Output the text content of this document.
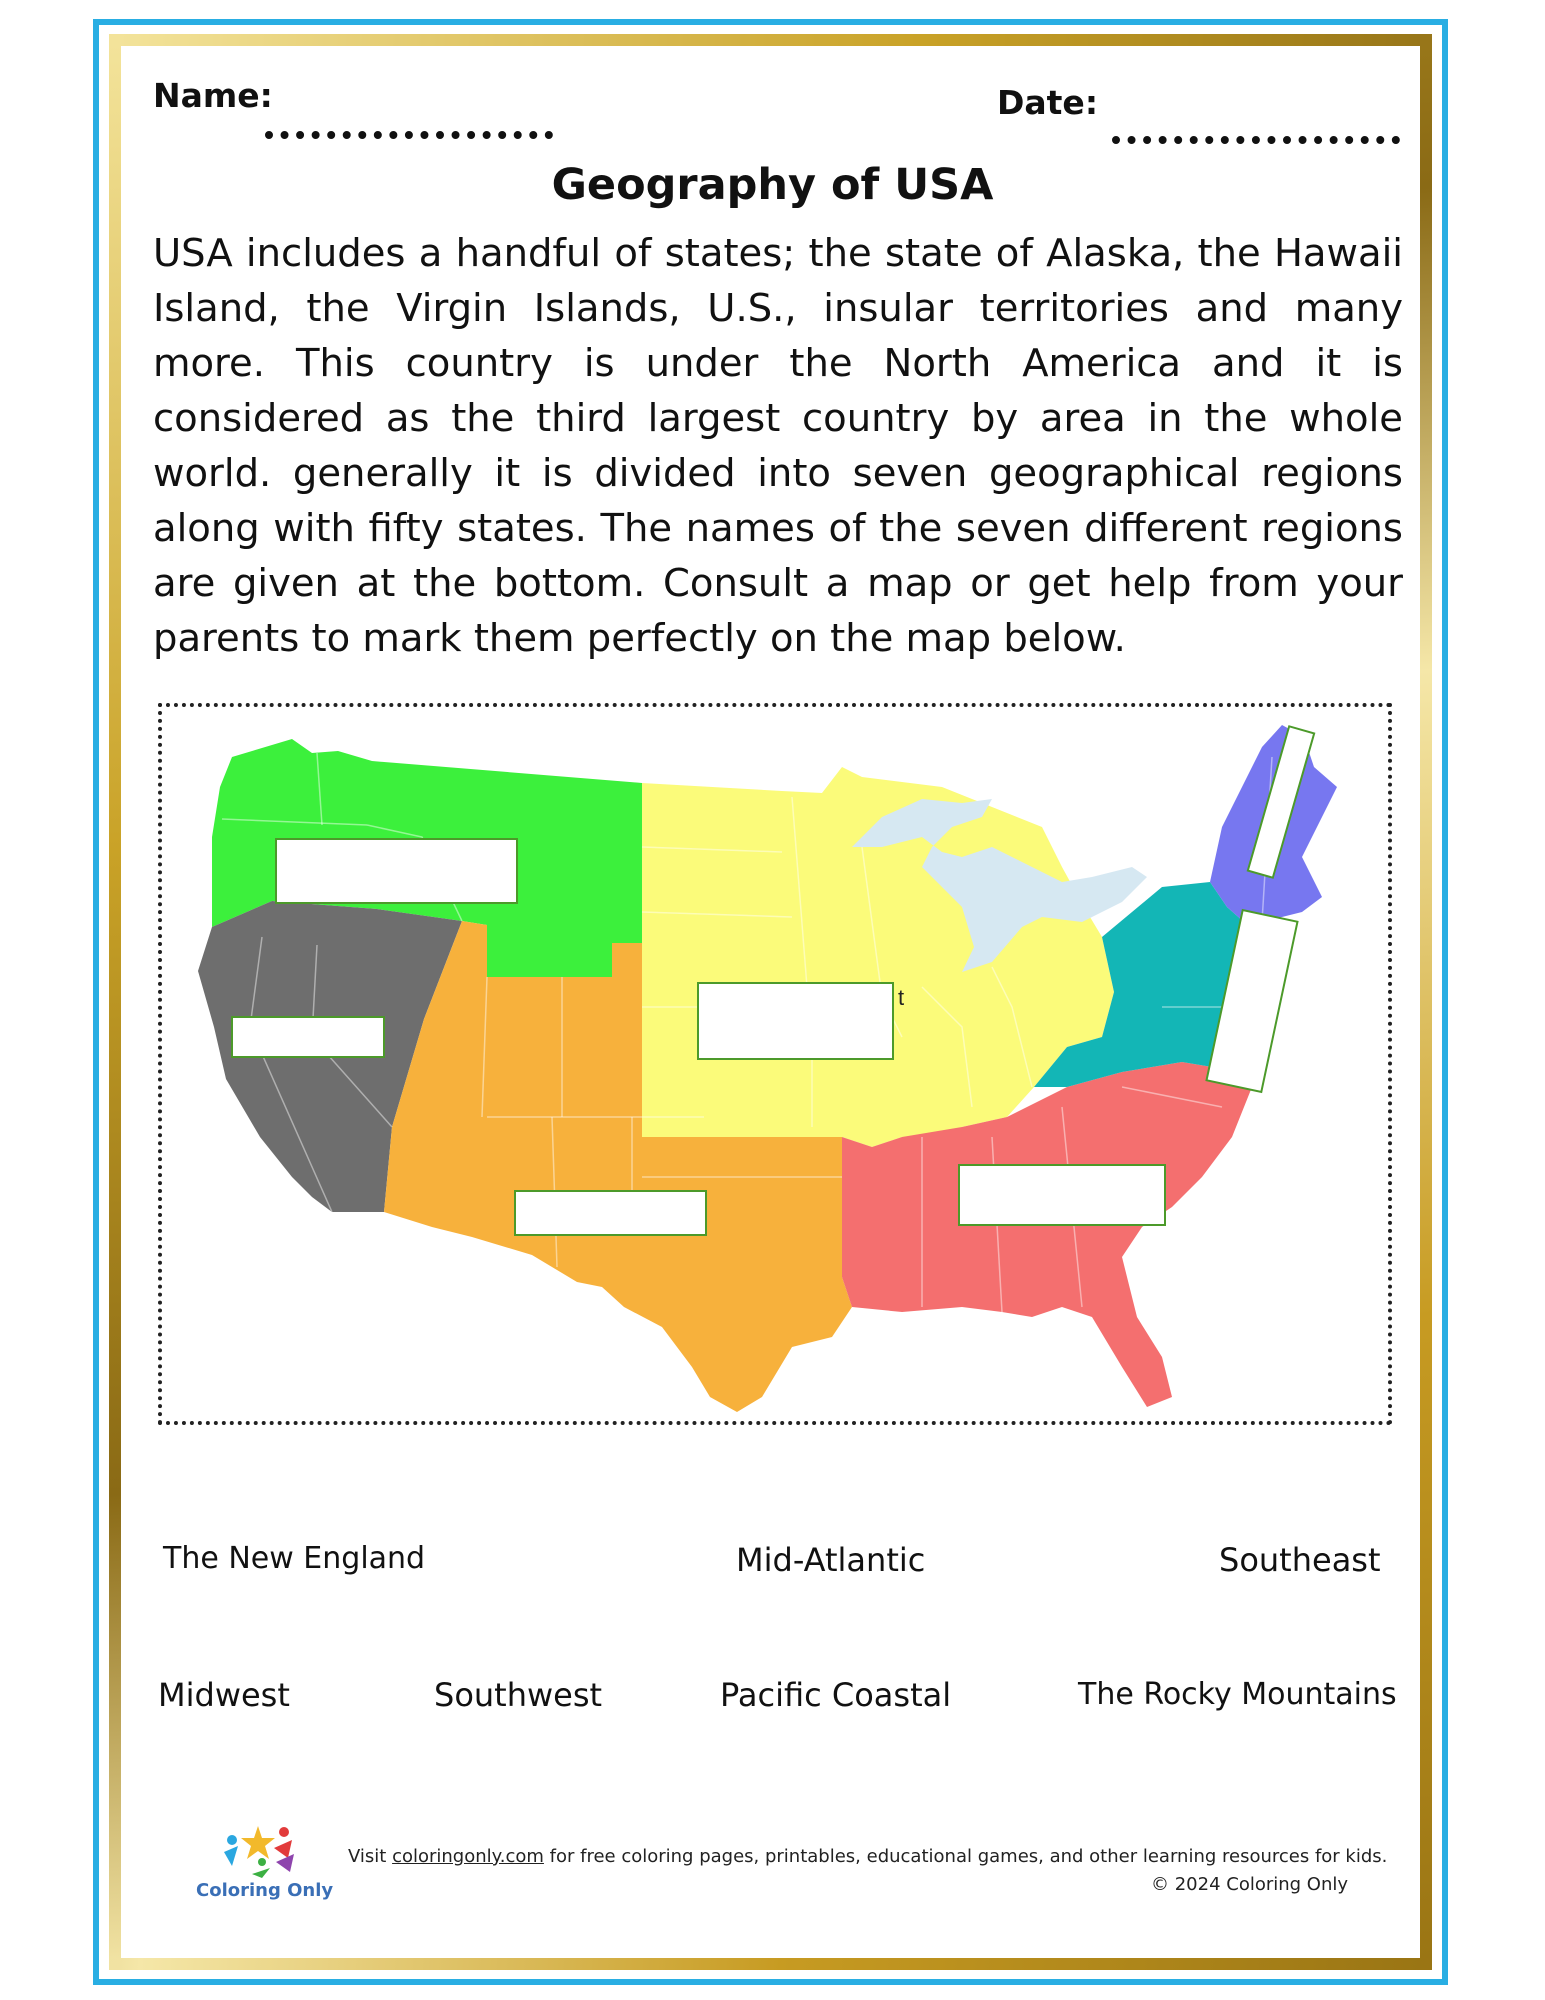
Name:	Date:
Geography of USA
USA includes a handful of states; the state of Alaska, the Hawaii Island, the Virgin Islands, U.S., insular territories and many more. This country is under the North America and it is considered as the third largest country by area in the whole world. generally it is divided into seven geographical regions along with fifty states. The names of the seven different regions are given at the bottom. Consult a map or get help from your parents to mark them perfectly on the map below.
t
The New England	Mid-Atlantic	Southeast
Midwest	Southwest	Pacific Coastal	The Rocky Mountains
Coloring Only
Visit coloringonly.com for free coloring pages, printables, educational games, and other learning resources for kids.
© 2024 Coloring Only
